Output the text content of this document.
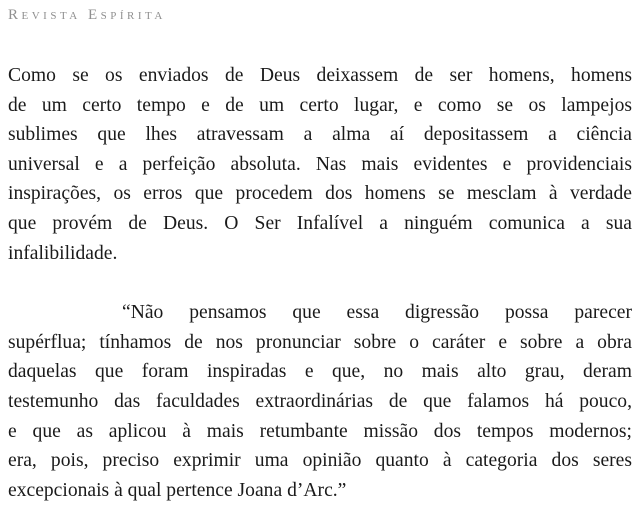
Revista Espírita
Como se os enviados de Deus deixassem de ser homens, homens
de um certo tempo e de um certo lugar, e como se os lampejos
sublimes que lhes atravessam a alma aí depositassem a ciência
universal e a perfeição absoluta. Nas mais evidentes e providenciais
inspirações, os erros que procedem dos homens se mesclam à verdade
que provém de Deus. O Ser Infalível a ninguém comunica a sua
infalibilidade.
“Não pensamos que essa digressão possa parecer
supérflua; tínhamos de nos pronunciar sobre o caráter e sobre a obra
daquelas que foram inspiradas e que, no mais alto grau, deram
testemunho das faculdades extraordinárias de que falamos há pouco,
e que as aplicou à mais retumbante missão dos tempos modernos;
era, pois, preciso exprimir uma opinião quanto à categoria dos seres
excepcionais à qual pertence Joana d’Arc.”
